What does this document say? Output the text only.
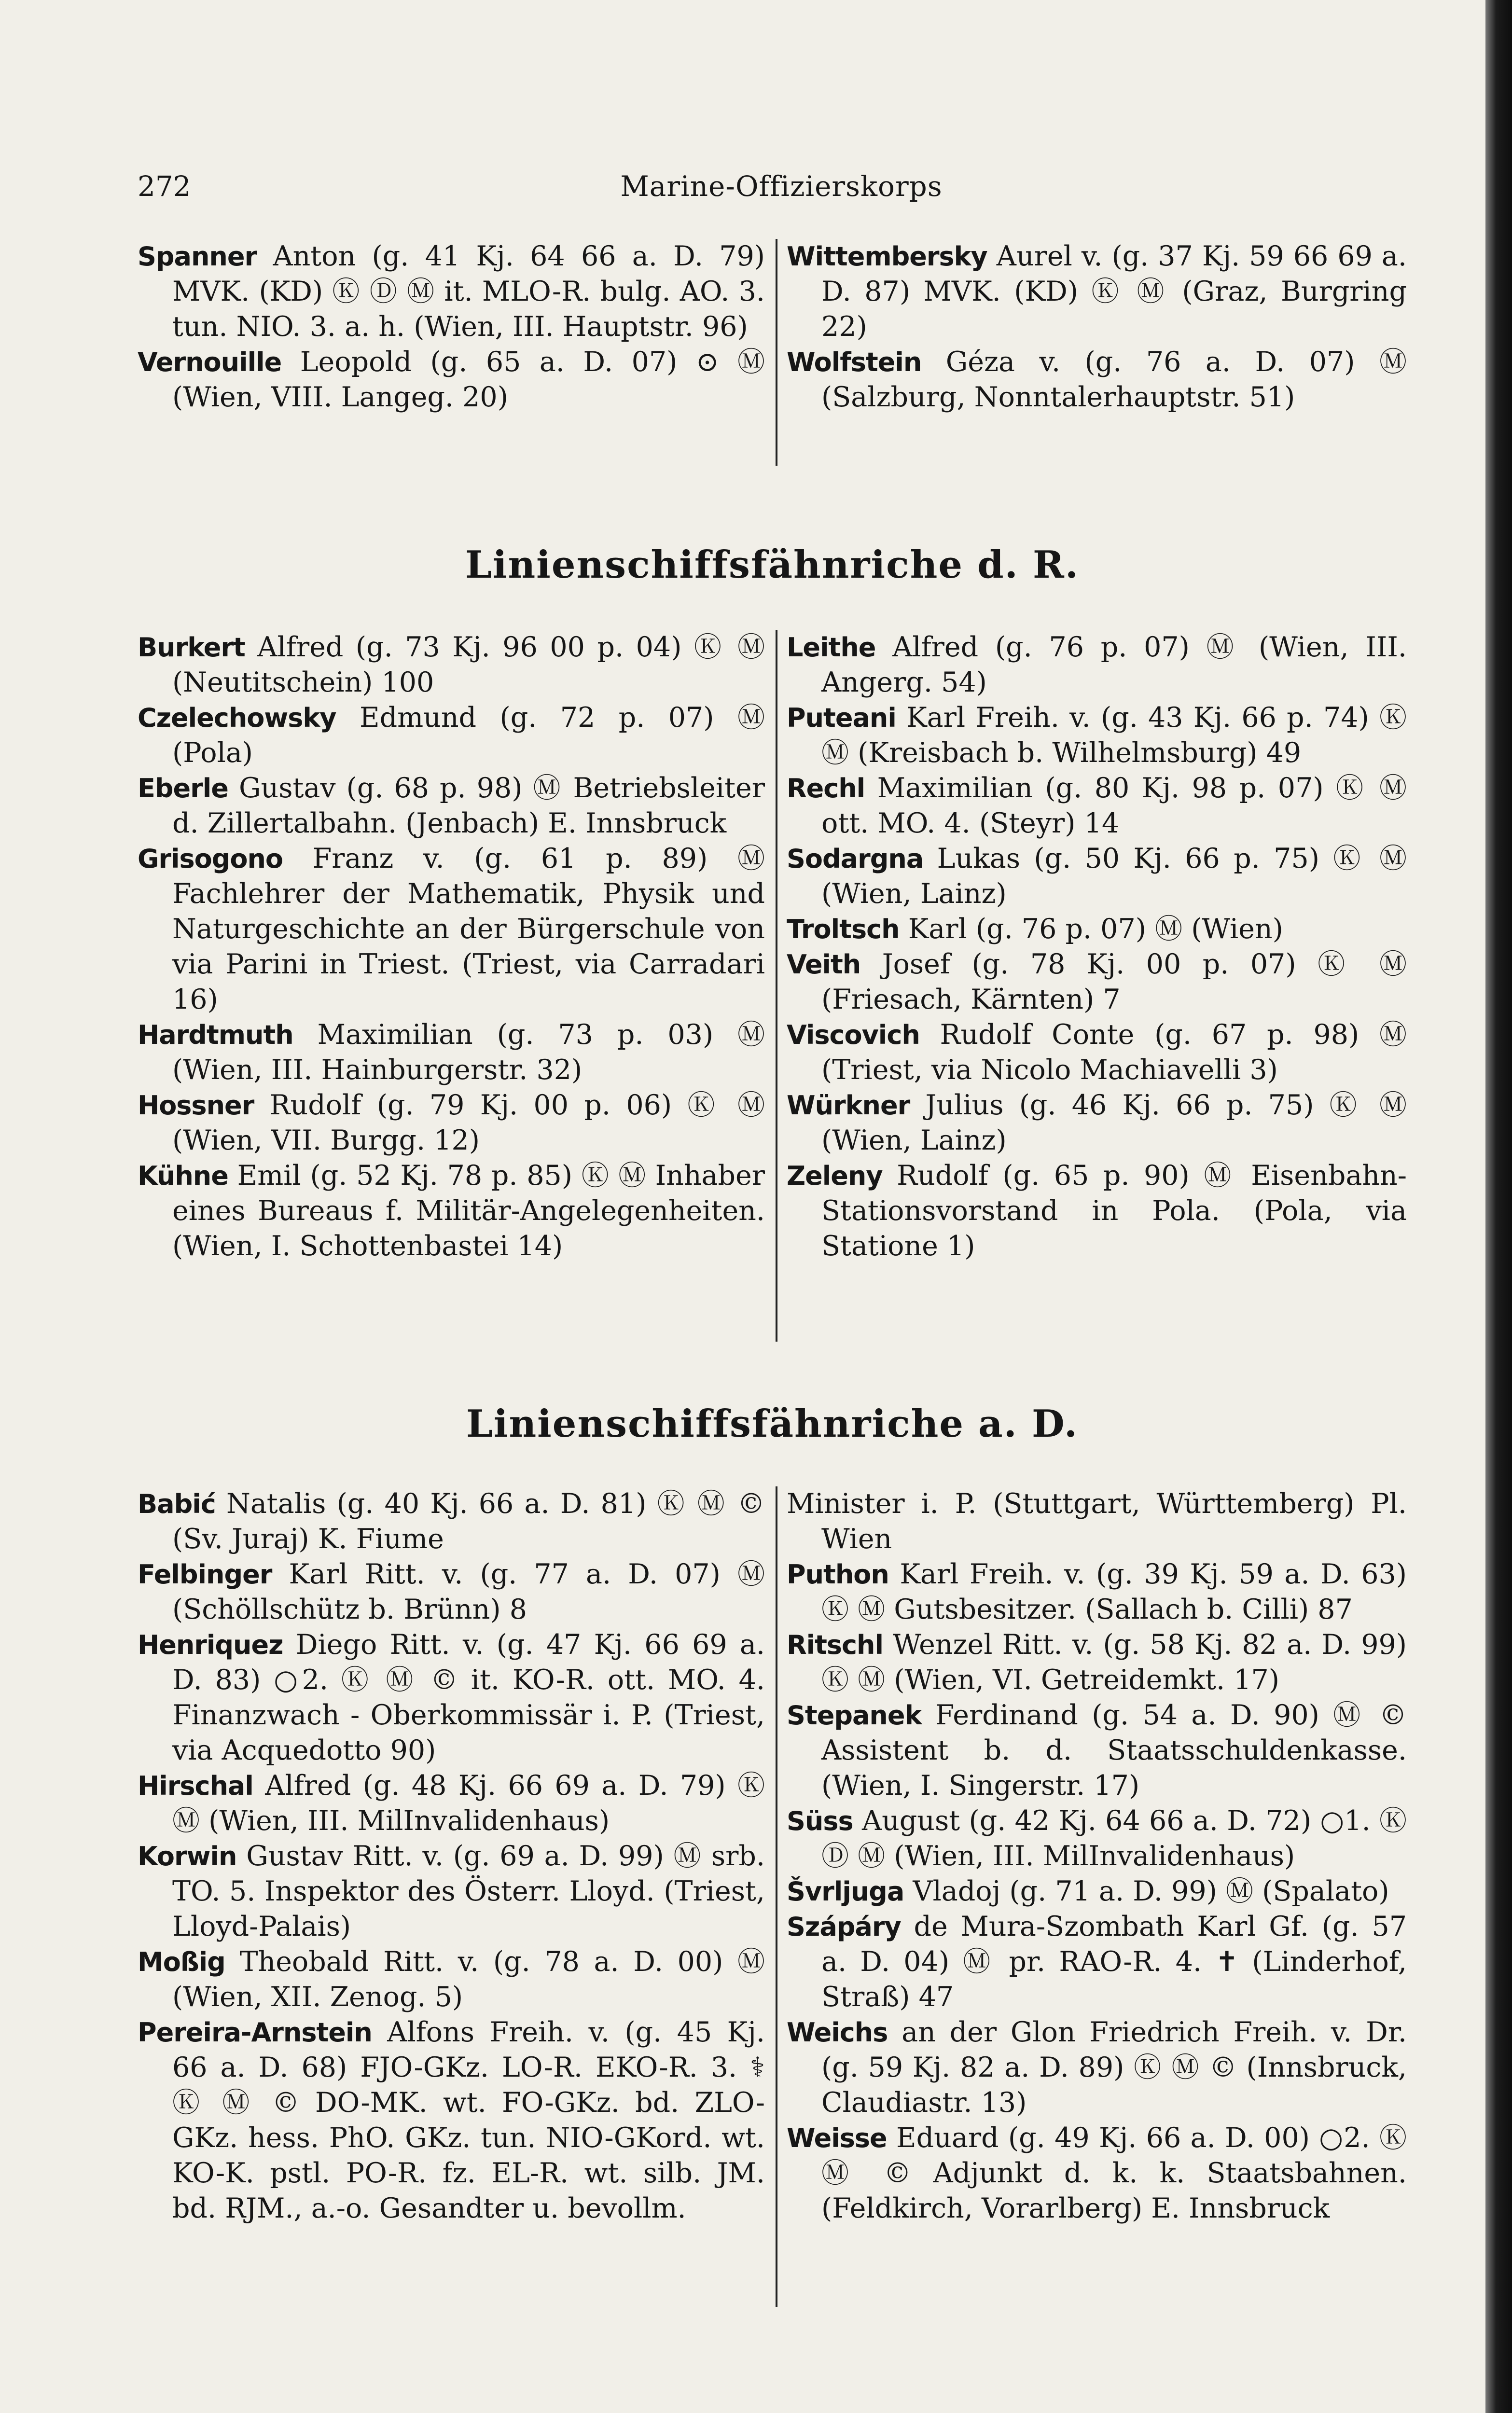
272	Marine-Offizierskorps

Spanner Anton (g. 41 Kj. 64 66 a. D. 79) MVK. (KD) Ⓚ Ⓓ Ⓜ it. MLO-R. bulg. AO. 3. tun. NIO. 3. a. h. (Wien, III. Hauptstr. 96)

Vernouille Leopold (g. 65 a. D. 07) ⊙ Ⓜ (Wien, VIII. Langeg. 20)

Wittembersky Aurel v. (g. 37 Kj. 59 66 69 a. D. 87) MVK. (KD) Ⓚ Ⓜ (Graz, Burgring 22)

Wolfstein Géza v. (g. 76 a. D. 07) Ⓜ (Salzburg, Nonntalerhauptstr. 51)

Linienschiffsfähnriche d. R.

Burkert Alfred (g. 73 Kj. 96 00 p. 04) Ⓚ Ⓜ (Neutitschein) 100

Czelechowsky Edmund (g. 72 p. 07) Ⓜ (Pola)

Eberle Gustav (g. 68 p. 98) Ⓜ Betriebsleiter d. Zillertalbahn. (Jenbach) E. Innsbruck

Grisogono Franz v. (g. 61 p. 89) Ⓜ Fachlehrer der Mathematik, Physik und Naturgeschichte an der Bürgerschule von via Parini in Triest. (Triest, via Carradari 16)

Hardtmuth Maximilian (g. 73 p. 03) Ⓜ (Wien, III. Hainburgerstr. 32)

Hossner Rudolf (g. 79 Kj. 00 p. 06) Ⓚ Ⓜ (Wien, VII. Burgg. 12)

Kühne Emil (g. 52 Kj. 78 p. 85) Ⓚ Ⓜ Inhaber eines Bureaus f. Militär-Angelegenheiten. (Wien, I. Schottenbastei 14)

Leithe Alfred (g. 76 p. 07) Ⓜ (Wien, III. Angerg. 54)

Puteani Karl Freih. v. (g. 43 Kj. 66 p. 74) Ⓚ Ⓜ (Kreisbach b. Wilhelmsburg) 49

Rechl Maximilian (g. 80 Kj. 98 p. 07) Ⓚ Ⓜ ott. MO. 4. (Steyr) 14

Sodargna Lukas (g. 50 Kj. 66 p. 75) Ⓚ Ⓜ (Wien, Lainz)

Troltsch Karl (g. 76 p. 07) Ⓜ (Wien)

Veith Josef (g. 78 Kj. 00 p. 07) Ⓚ Ⓜ (Friesach, Kärnten) 7

Viscovich Rudolf Conte (g. 67 p. 98) Ⓜ (Triest, via Nicolo Machiavelli 3)

Würkner Julius (g. 46 Kj. 66 p. 75) Ⓚ Ⓜ (Wien, Lainz)

Zeleny Rudolf (g. 65 p. 90) Ⓜ Eisenbahn-Stationsvorstand in Pola. (Pola, via Statione 1)

Linienschiffsfähnriche a. D.

Babić Natalis (g. 40 Kj. 66 a. D. 81) Ⓚ Ⓜ © (Sv. Juraj) K. Fiume

Felbinger Karl Ritt. v. (g. 77 a. D. 07) Ⓜ (Schöllschütz b. Brünn) 8

Henriquez Diego Ritt. v. (g. 47 Kj. 66 69 a. D. 83) ○2. Ⓚ Ⓜ © it. KO-R. ott. MO. 4. Finanzwach - Oberkommissär i. P. (Triest, via Acquedotto 90)

Hirschal Alfred (g. 48 Kj. 66 69 a. D. 79) Ⓚ Ⓜ (Wien, III. MilInvalidenhaus)

Korwin Gustav Ritt. v. (g. 69 a. D. 99) Ⓜ srb. TO. 5. Inspektor des Österr. Lloyd. (Triest, Lloyd-Palais)

Moßig Theobald Ritt. v. (g. 78 a. D. 00) Ⓜ (Wien, XII. Zenog. 5)

Pereira-Arnstein Alfons Freih. v. (g. 45 Kj. 66 a. D. 68) FJO-GKz. LO-R. EKO-R. 3. ⚕ Ⓚ Ⓜ © DO-MK. wt. FO-GKz. bd. ZLO-GKz. hess. PhO. GKz. tun. NIO-GKord. wt. KO-K. pstl. PO-R. fz. EL-R. wt. silb. JM. bd. RJM., a.-o. Gesandter u. bevollm.

Minister i. P. (Stuttgart, Württemberg) Pl. Wien

Puthon Karl Freih. v. (g. 39 Kj. 59 a. D. 63) Ⓚ Ⓜ Gutsbesitzer. (Sallach b. Cilli) 87

Ritschl Wenzel Ritt. v. (g. 58 Kj. 82 a. D. 99) Ⓚ Ⓜ (Wien, VI. Getreidemkt. 17)

Stepanek Ferdinand (g. 54 a. D. 90) Ⓜ © Assistent b. d. Staatsschuldenkasse. (Wien, I. Singerstr. 17)

Süss August (g. 42 Kj. 64 66 a. D. 72) ○1. Ⓚ Ⓓ Ⓜ (Wien, III. MilInvalidenhaus)

Švrljuga Vladoj (g. 71 a. D. 99) Ⓜ (Spalato)

Szápáry de Mura-Szombath Karl Gf. (g. 57 a. D. 04) Ⓜ pr. RAO-R. 4. ✝ (Linderhof, Straß) 47

Weichs an der Glon Friedrich Freih. v. Dr. (g. 59 Kj. 82 a. D. 89) Ⓚ Ⓜ © (Innsbruck, Claudiastr. 13)

Weisse Eduard (g. 49 Kj. 66 a. D. 00) ○2. Ⓚ Ⓜ © Adjunkt d. k. k. Staatsbahnen. (Feldkirch, Vorarlberg) E. Innsbruck
